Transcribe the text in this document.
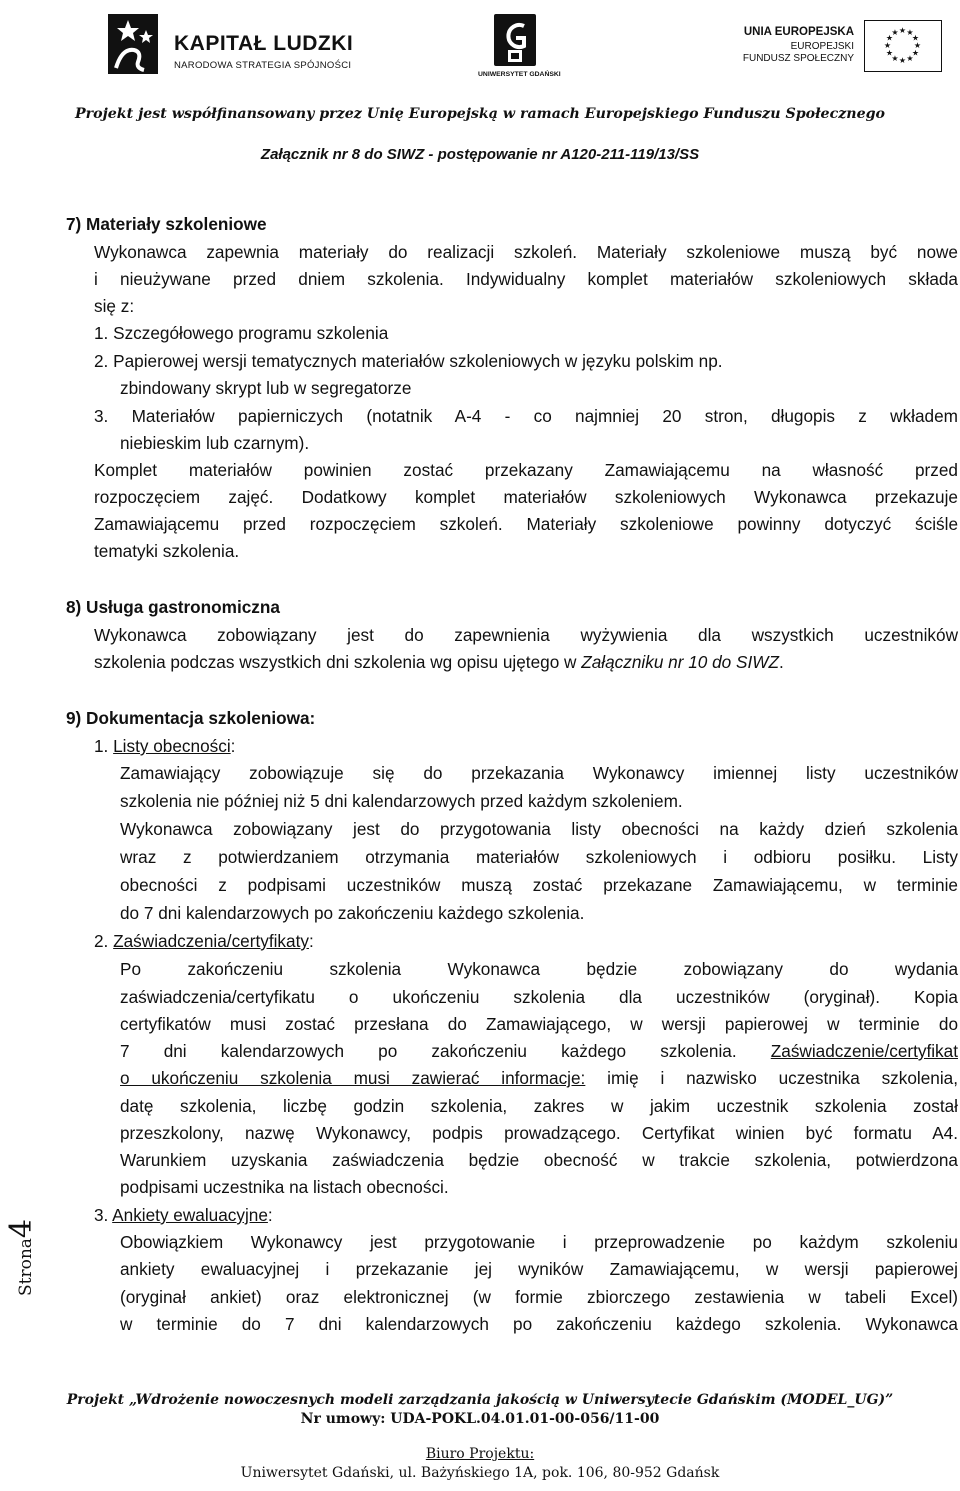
KAPITAŁ LUDZKI
NARODOWA STRATEGIA SPÓJNOŚCI
UNIWERSYTET GDAŃSKI
UNIA EUROPEJSKA
EUROPEJSKI
FUNDUSZ SPOŁECZNY
★ ★
★
★
★
★
★
★
★
★
★
★
Projekt jest współfinansowany przez Unię Europejską w ramach Europejskiego Funduszu Społecznego
Załącznik nr 8 do SIWZ - postępowanie nr A120-211-119/13/SS
7) Materiały szkoleniowe
Wykonawca zapewnia materiały do realizacji szkoleń. Materiały szkoleniowe muszą być nowe
i nieużywane przed dniem szkolenia. Indywidualny komplet materiałów szkoleniowych składa
się z:
1. Szczegółowego programu szkolenia
2. Papierowej wersji tematycznych materiałów szkoleniowych w języku polskim np.
zbindowany skrypt lub w segregatorze
3. Materiałów papierniczych (notatnik A-4 - co najmniej 20 stron, długopis z wkładem
niebieskim lub czarnym).
Komplet materiałów powinien zostać przekazany Zamawiającemu na własność przed
rozpoczęciem zajęć. Dodatkowy komplet materiałów szkoleniowych Wykonawca przekazuje
Zamawiającemu przed rozpoczęciem szkoleń. Materiały szkoleniowe powinny dotyczyć ściśle
tematyki szkolenia.
8) Usługa gastronomiczna
Wykonawca zobowiązany jest do zapewnienia wyżywienia dla wszystkich uczestników
szkolenia podczas wszystkich dni szkolenia wg opisu ujętego w Załączniku nr 10 do SIWZ.
9) Dokumentacja szkoleniowa:
1. Listy obecności:
Zamawiający zobowiązuje się do przekazania Wykonawcy imiennej listy uczestników
szkolenia nie później niż 5 dni kalendarzowych przed każdym szkoleniem.
Wykonawca zobowiązany jest do przygotowania listy obecności na każdy dzień szkolenia
wraz z potwierdzaniem otrzymania materiałów szkoleniowych i odbioru posiłku. Listy
obecności z podpisami uczestników muszą zostać przekazane Zamawiającemu, w terminie
do 7 dni kalendarzowych po zakończeniu każdego szkolenia.
2. Zaświadczenia/certyfikaty:
Po zakończeniu szkolenia Wykonawca będzie zobowiązany do wydania
zaświadczenia/certyfikatu o ukończeniu szkolenia dla uczestników (oryginał). Kopia
certyfikatów musi zostać przesłana do Zamawiającego, w wersji papierowej w terminie do
7 dni kalendarzowych po zakończeniu każdego szkolenia. Zaświadczenie/certyfikat
o ukończeniu szkolenia musi zawierać informacje: imię i nazwisko uczestnika szkolenia,
datę szkolenia, liczbę godzin szkolenia, zakres w jakim uczestnik szkolenia został
przeszkolony, nazwę Wykonawcy, podpis prowadzącego. Certyfikat winien być formatu A4.
Warunkiem uzyskania zaświadczenia będzie obecność w trakcie szkolenia, potwierdzona
podpisami uczestnika na listach obecności.
3. Ankiety ewaluacyjne:
Obowiązkiem Wykonawcy jest przygotowanie i przeprowadzenie po każdym szkoleniu
ankiety ewaluacyjnej i przekazanie jej wyników Zamawiającemu, w wersji papierowej
(oryginał ankiet) oraz elektronicznej (w formie zbiorczego zestawienia w tabeli Excel)
w terminie do 7 dni kalendarzowych po zakończeniu każdego szkolenia. Wykonawca
Strona4
Projekt „Wdrożenie nowoczesnych modeli zarządzania jakością w Uniwersytecie Gdańskim (MODEL_UG)”
Nr umowy: UDA-POKL.04.01.01-00-056/11-00
Biuro Projektu:
Uniwersytet Gdański, ul. Bażyńskiego 1A, pok. 106, 80-952 Gdańsk
